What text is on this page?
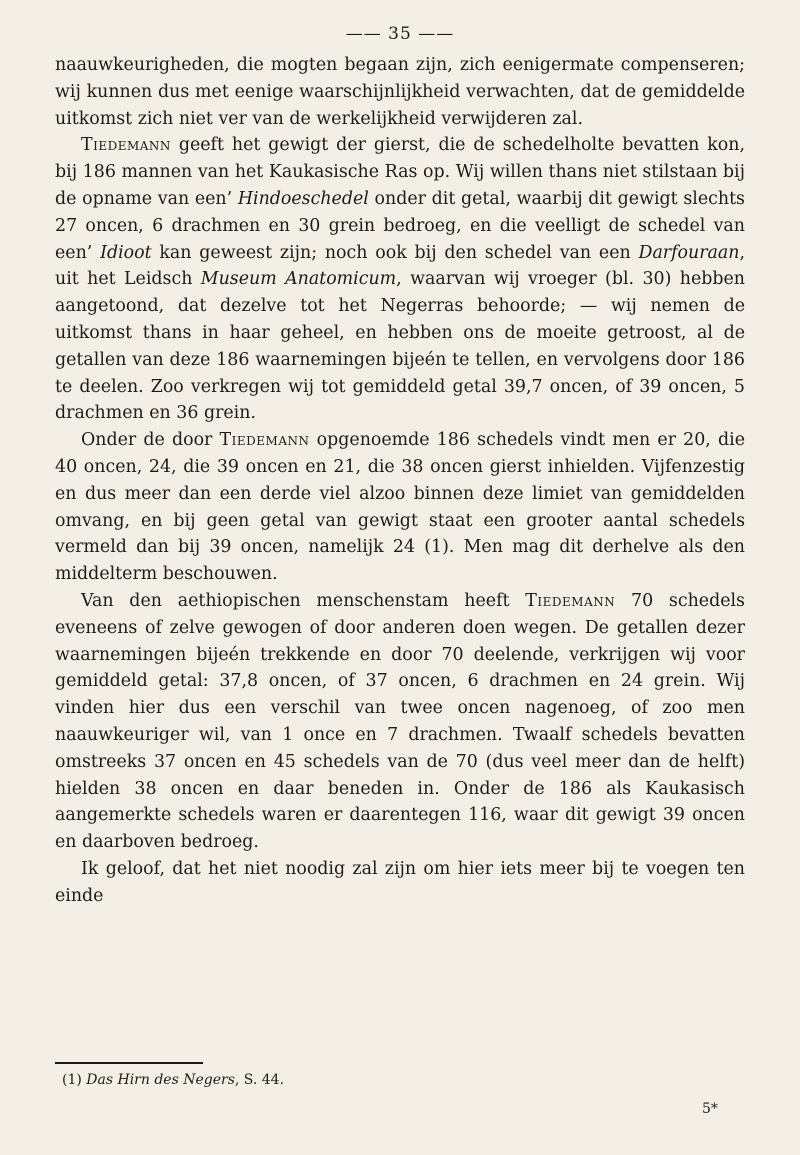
—— 35 ——

naauwkeurigheden, die mogten begaan zijn, zich eenigermate compenseren; wij kunnen dus met eenige waarschijnlijkheid verwachten, dat de gemiddelde uitkomst zich niet ver van de werkelijkheid verwijderen zal.

Tiedemann geeft het gewigt der gierst, die de schedelholte bevatten kon, bij 186 mannen van het Kaukasische Ras op. Wij willen thans niet stilstaan bij de opname van een’ Hindoeschedel onder dit getal, waarbij dit gewigt slechts 27 oncen, 6 drachmen en 30 grein bedroeg, en die veelligt de schedel van een’ Idioot kan geweest zijn; noch ook bij den schedel van een Darfouraan, uit het Leidsch Museum Anatomicum, waarvan wij vroeger (bl. 30) hebben aangetoond, dat dezelve tot het Negerras behoorde; — wij nemen de uitkomst thans in haar geheel, en hebben ons de moeite getroost, al de getallen van deze 186 waarnemingen bijeén te tellen, en vervolgens door 186 te deelen. Zoo verkregen wij tot gemiddeld getal 39,7 oncen, of 39 oncen, 5 drachmen en 36 grein.

Onder de door Tiedemann opgenoemde 186 schedels vindt men er 20, die 40 oncen, 24, die 39 oncen en 21, die 38 oncen gierst inhielden. Vijfenzestig en dus meer dan een derde viel alzoo binnen deze limiet van gemiddelden omvang, en bij geen getal van gewigt staat een grooter aantal schedels vermeld dan bij 39 oncen, namelijk 24 (1). Men mag dit derhelve als den middelterm beschouwen.

Van den aethiopischen menschenstam heeft Tiedemann 70 schedels eveneens of zelve gewogen of door anderen doen wegen. De getallen dezer waarnemingen bijeén trekkende en door 70 deelende, verkrijgen wij voor gemiddeld getal: 37,8 oncen, of 37 oncen, 6 drachmen en 24 grein. Wij vinden hier dus een verschil van twee oncen nagenoeg, of zoo men naauwkeuriger wil, van 1 once en 7 drachmen. Twaalf schedels bevatten omstreeks 37 oncen en 45 schedels van de 70 (dus veel meer dan de helft) hielden 38 oncen en daar beneden in. Onder de 186 als Kaukasisch aangemerkte schedels waren er daarentegen 116, waar dit gewigt 39 oncen en daarboven bedroeg.

Ik geloof, dat het niet noodig zal zijn om hier iets meer bij te voegen ten einde

(1) Das Hirn des Negers, S. 44.
5*
